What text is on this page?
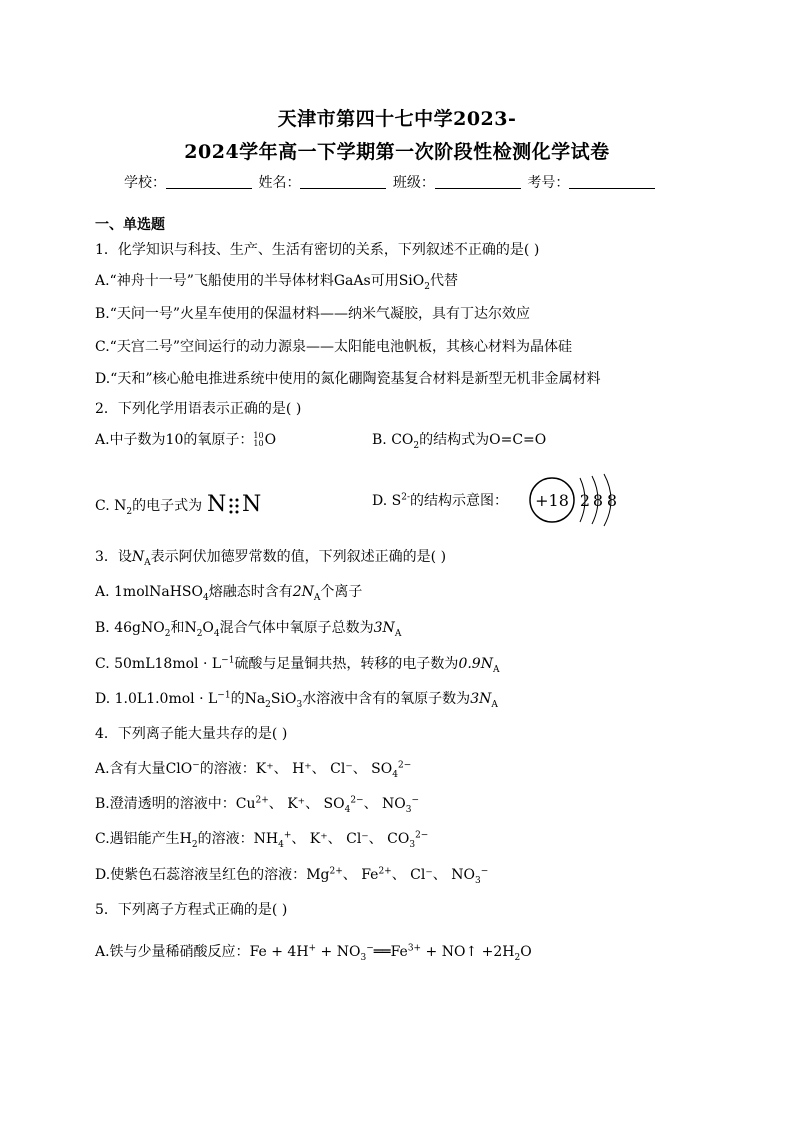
天津市第四十七中学2023-
2024学年高一下学期第一次阶段性检测化学试卷
学校：	姓名：	班级：	考号：
一、单选题
1．化学知识与科技、生产、生活有密切的关系，下列叙述不正确的是( )
A.“神舟十一号”飞船使用的半导体材料GaAs可用SiO$_2$代替
B.“天问一号”火星车使用的保温材料——纳米气凝胶，具有丁达尔效应
C.“天宫二号”空间运行的动力源泉——太阳能电池帆板，其核心材料为晶体硅
D.“天和”核心舱电推进系统中使用的氮化硼陶瓷基复合材料是新型无机非金属材料
2．下列化学用语表示正确的是( )
A.中子数为10的氧原子：10
10O	B. $CO_2$的结构式为O=C=O
C. $N_2$的电子式为 N N	D. $S^{2-}$的结构示意图： +18 2 8 8
3．设$N_A$表示阿伏加德罗常数的值，下列叙述正确的是( )
A. 1molNaHSO$_4$熔融态时含有$2N_A$个离子
B. 46gNO$_2$和$N_2O_4$混合气体中氧原子总数为$3N_A$
C. $50mL18mol \cdot L^{-1}$硫酸与足量铜共热，转移的电子数为$0.9N_A$
D. $1.0L1.0mol \cdot L^{-1}$的$Na_2SiO_3$水溶液中含有的氧原子数为$3N_A$
4．下列离子能大量共存的是( )
A.含有大量ClO−的溶液：K⁺、 H⁺、 Cl⁻、 $SO_4^{2-}$
B.澄清透明的溶液中：$Cu^{2+}$、 K⁺、 $SO_4^{2-}$、 $NO_3^-$
C.遇铝能产生$H_2$的溶液：$NH_4^+$、 K⁺、 Cl⁻、 $CO_3^{2-}$
D.使紫色石蕊溶液呈红色的溶液：$Mg^{2+}$、 $Fe^{2+}$、 Cl⁻、 $NO_3^-$
5．下列离子方程式正确的是( )
A.铁与少量稀硝酸反应：$Fe + 4H^+ + NO_3^-══Fe^{3+}$ + NO↑ $+2H_2O$
